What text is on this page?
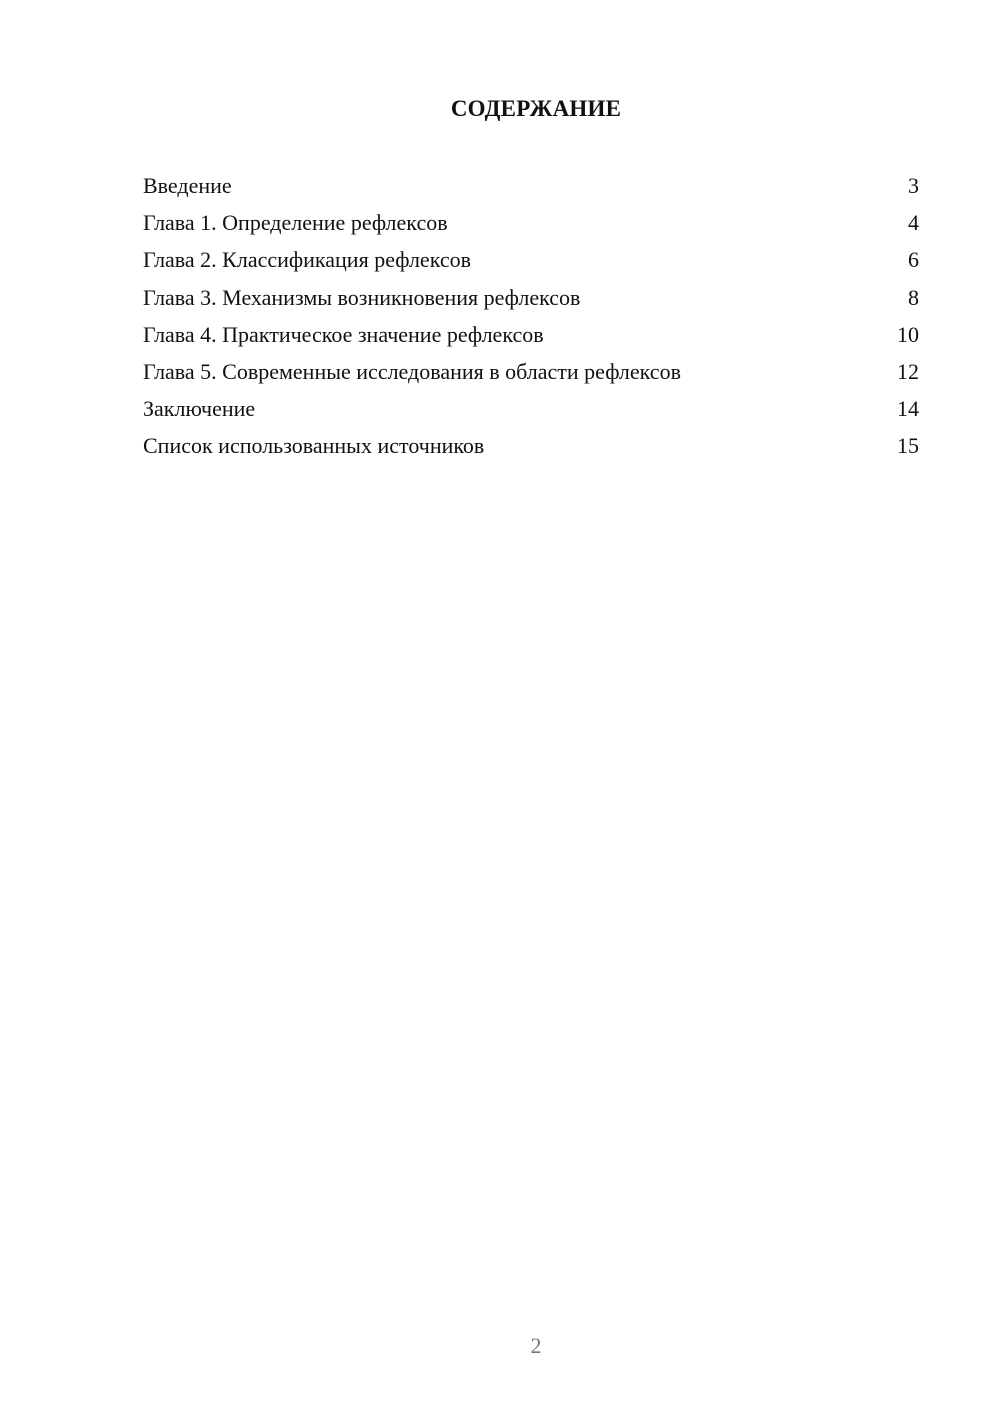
СОДЕРЖАНИЕ
Введение	3
Глава 1. Определение рефлексов	4
Глава 2. Классификация рефлексов	6
Глава 3. Механизмы возникновения рефлексов	8
Глава 4. Практическое значение рефлексов	10
Глава 5. Современные исследования в области рефлексов	12
Заключение	14
Список использованных источников	15
2
